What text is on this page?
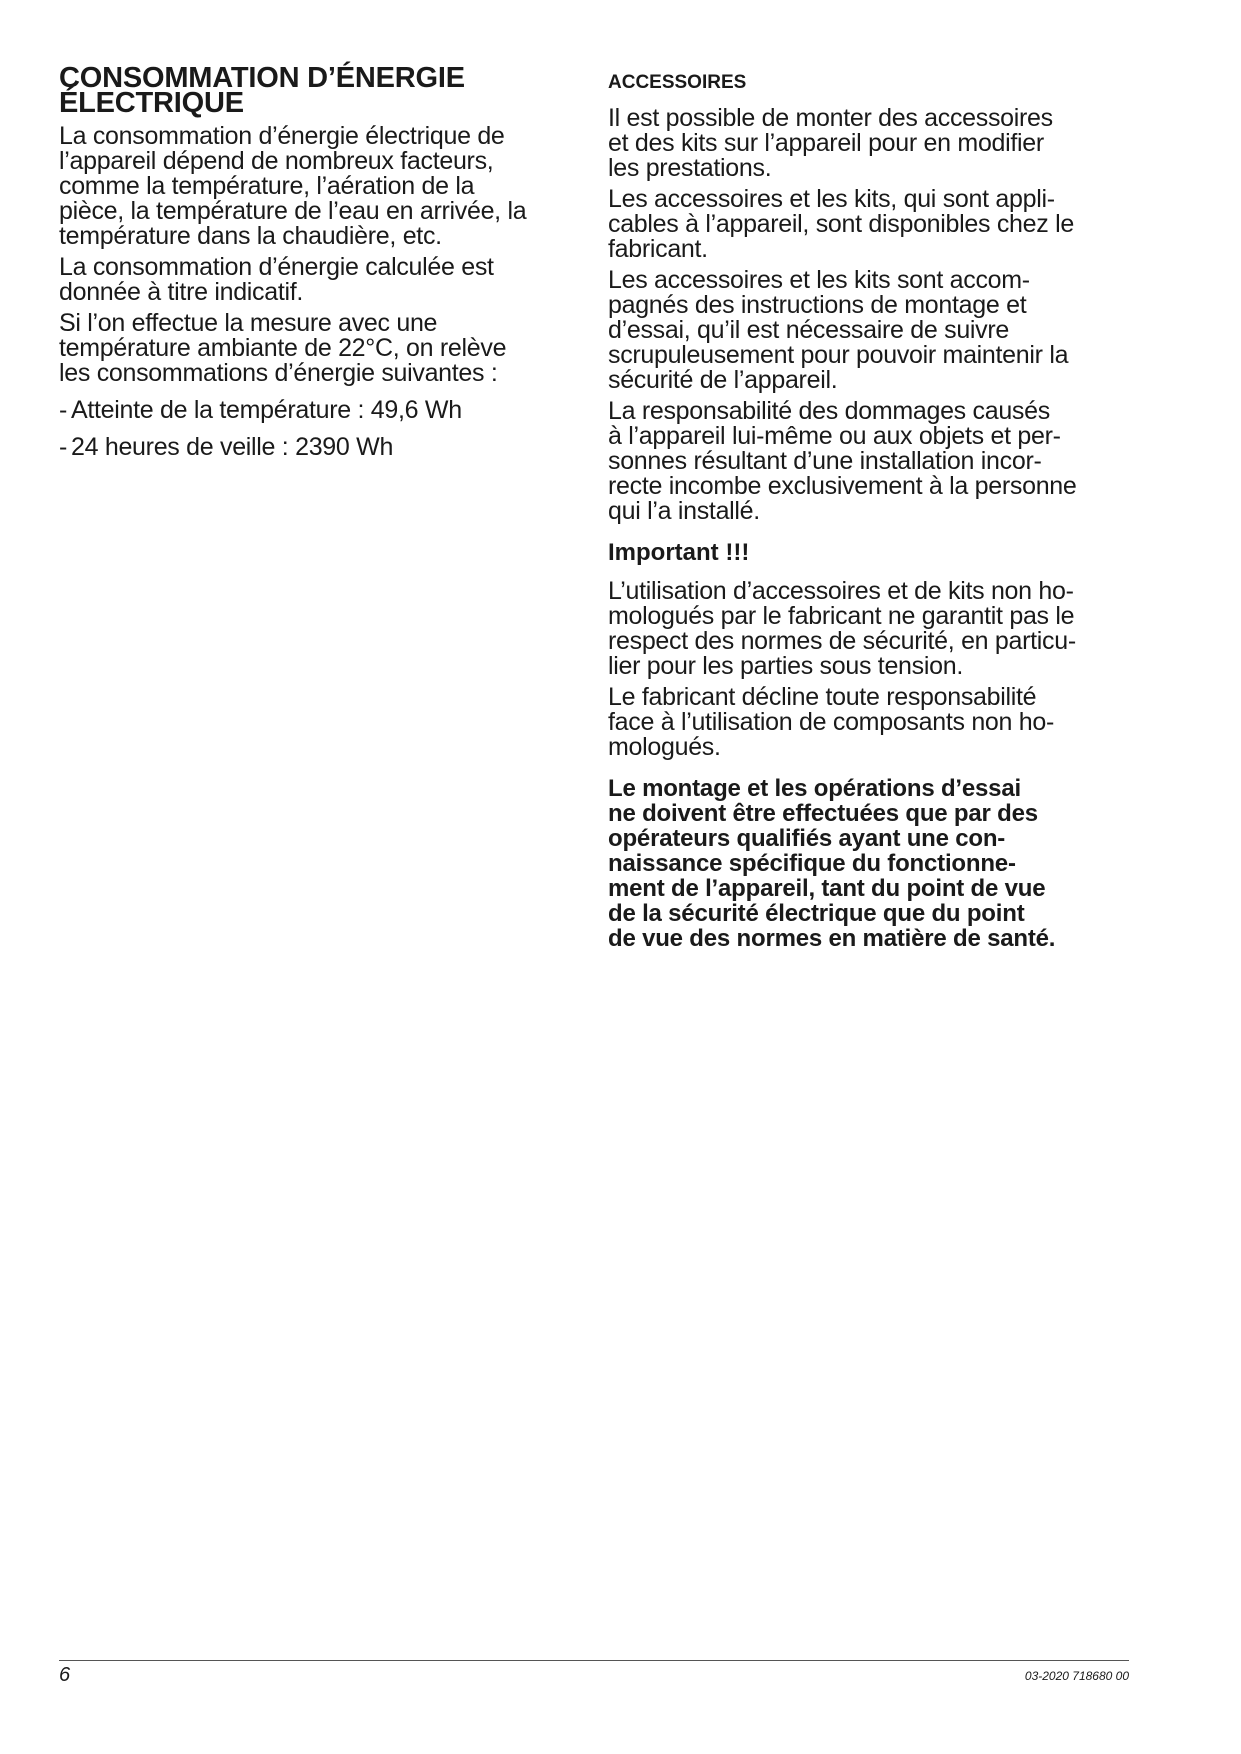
CONSOMMATION D’ÉNERGIE
ÉLECTRIQUE

La consommation d’énergie électrique de

l’appareil dépend de nombreux facteurs,

comme la température, l’aération de la

pièce, la température de l’eau en arrivée, la

température dans la chaudière, etc.

La consommation d’énergie calculée est

donnée à titre indicatif.

Si l’on effectue la mesure avec une

température ambiante de 22°C, on relève

les consommations d’énergie suivantes :

- Atteinte de la température : 49,6 Wh
- 24 heures de veille : 2390 Wh
ACCESSOIRES

Il est possible de monter des accessoires

et des kits sur l’appareil pour en modifier

les prestations.

Les accessoires et les kits, qui sont appli-

cables à l’appareil, sont disponibles chez le

fabricant.

Les accessoires et les kits sont accom-

pagnés des instructions de montage et

d’essai, qu’il est nécessaire de suivre

scrupuleusement pour pouvoir maintenir la

sécurité de l’appareil.

La responsabilité des dommages causés

à l’appareil lui-même ou aux objets et per-

sonnes résultant d’une installation incor-

recte incombe exclusivement à la personne

qui l’a installé.

Important !!!

L’utilisation d’accessoires et de kits non ho-

mologués par le fabricant ne garantit pas le

respect des normes de sécurité, en particu-

lier pour les parties sous tension.

Le fabricant décline toute responsabilité

face à l’utilisation de composants non ho-

mologués.

Le montage et les opérations d’essai

ne doivent être effectuées que par des

opérateurs qualifiés ayant une con-

naissance spécifique du fonctionne-

ment de l’appareil, tant du point de vue

de la sécurité électrique que du point

de vue des normes en matière de santé.

6	03-2020 718680 00
